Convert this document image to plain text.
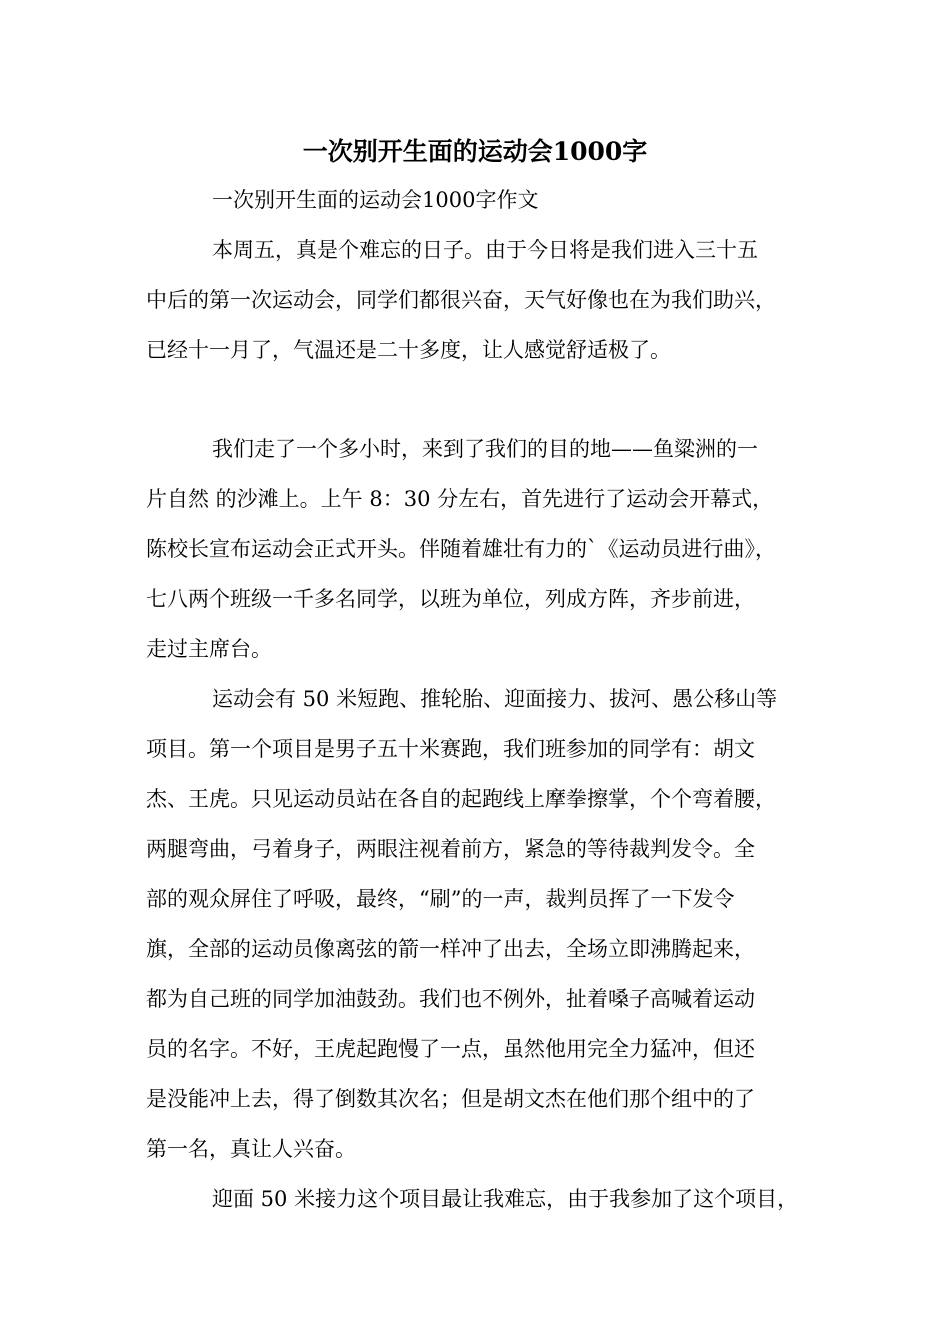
一次别开生面的运动会1000字
一次别开生面的运动会1000字作文
本周五，真是个难忘的日子。由于今日将是我们进入三十五
中后的第一次运动会，同学们都很兴奋，天气好像也在为我们助兴，
已经十一月了，气温还是二十多度，让人感觉舒适极了。
我们走了一个多小时，来到了我们的目的地——鱼粱洲的一
片自然 的沙滩上。上午 8：30 分左右，首先进行了运动会开幕式，
陈校长宣布运动会正式开头。伴随着雄壮有力的`《运动员进行曲》，
七八两个班级一千多名同学，以班为单位，列成方阵，齐步前进，
走过主席台。
运动会有 50 米短跑、推轮胎、迎面接力、拔河、愚公移山等
项目。第一个项目是男子五十米赛跑，我们班参加的同学有：胡文
杰、王虎。只见运动员站在各自的起跑线上摩拳擦掌，个个弯着腰，
两腿弯曲，弓着身子，两眼注视着前方，紧急的等待裁判发令。全
部的观众屏住了呼吸，最终，“刷”的一声，裁判员挥了一下发令
旗，全部的运动员像离弦的箭一样冲了出去，全场立即沸腾起来，
都为自己班的同学加油鼓劲。我们也不例外，扯着嗓子高喊着运动
员的名字。不好，王虎起跑慢了一点，虽然他用完全力猛冲，但还
是没能冲上去，得了倒数其次名；但是胡文杰在他们那个组中的了
第一名，真让人兴奋。
迎面 50 米接力这个项目最让我难忘，由于我参加了这个项目，
